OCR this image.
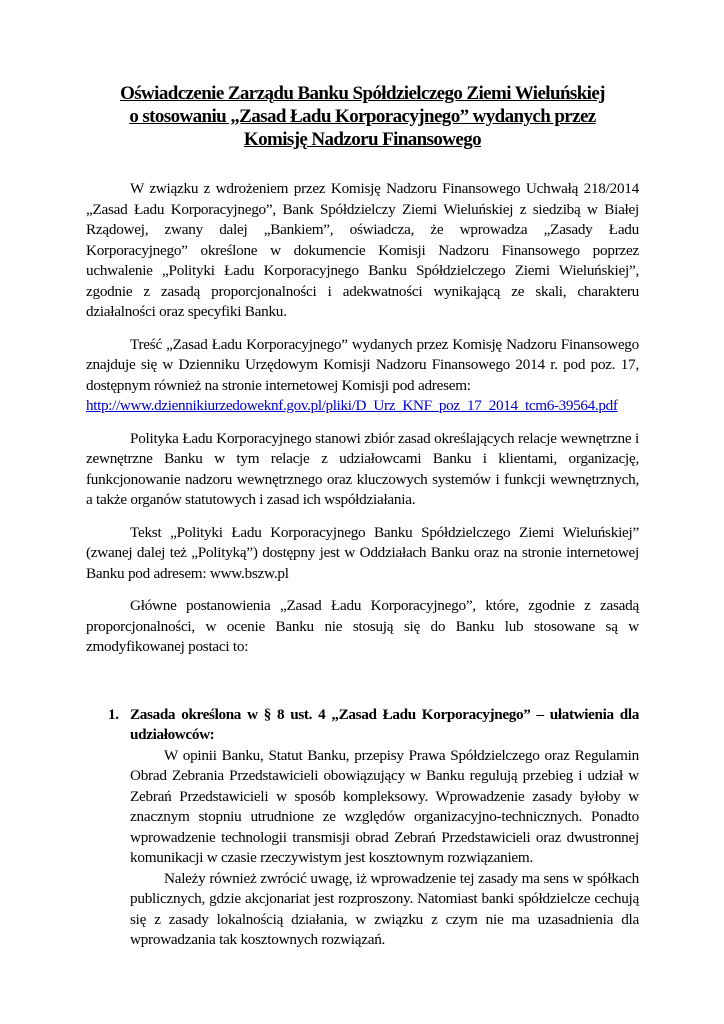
Oświadczenie Zarządu Banku Spółdzielczego Ziemi Wieluńskiej
o stosowaniu „Zasad Ładu Korporacyjnego” wydanych przez
Komisję Nadzoru Finansowego

W związku z wdrożeniem przez Komisję Nadzoru Finansowego Uchwałą 218/2014 „Zasad Ładu Korporacyjnego”, Bank Spółdzielczy Ziemi Wieluńskiej z siedzibą w Białej Rządowej, zwany dalej „Bankiem”, oświadcza, że wprowadza „Zasady Ładu Korporacyjnego” określone w dokumencie Komisji Nadzoru Finansowego poprzez uchwalenie „Polityki Ładu Korporacyjnego Banku Spółdzielczego Ziemi Wieluńskiej”, zgodnie z zasadą proporcjonalności i adekwatności wynikającą ze skali, charakteru działalności oraz specyfiki Banku.

Treść „Zasad Ładu Korporacyjnego” wydanych przez Komisję Nadzoru Finansowego znajduje się w Dzienniku Urzędowym Komisji Nadzoru Finansowego 2014 r. pod poz. 17, dostępnym również na stronie internetowej Komisji pod adresem:
http://www.dziennikiurzedoweknf.gov.pl/pliki/D_Urz_KNF_poz_17_2014_tcm6-39564.pdf

Polityka Ładu Korporacyjnego stanowi zbiór zasad określających relacje wewnętrzne i zewnętrzne Banku w tym relacje z udziałowcami Banku i klientami, organizację, funkcjonowanie nadzoru wewnętrznego oraz kluczowych systemów i funkcji wewnętrznych, a także organów statutowych i zasad ich współdziałania.

Tekst „Polityki Ładu Korporacyjnego Banku Spółdzielczego Ziemi Wieluńskiej” (zwanej dalej też „Polityką”) dostępny jest w Oddziałach Banku oraz na stronie internetowej Banku pod adresem: www.bszw.pl

Główne postanowienia „Zasad Ładu Korporacyjnego”, które, zgodnie z zasadą proporcjonalności, w ocenie Banku nie stosują się do Banku lub stosowane są w zmodyfikowanej postaci to:

1. Zasada określona w § 8 ust. 4 „Zasad Ładu Korporacyjnego” – ułatwienia dla udziałowców:

W opinii Banku, Statut Banku, przepisy Prawa Spółdzielczego oraz Regulamin Obrad Zebrania Przedstawicieli obowiązujący w Banku regulują przebieg i udział w Zebrań Przedstawicieli w sposób kompleksowy. Wprowadzenie zasady byłoby w znacznym stopniu utrudnione ze względów organizacyjno-technicznych. Ponadto wprowadzenie technologii transmisji obrad Zebrań Przedstawicieli oraz dwustronnej komunikacji w czasie rzeczywistym jest kosztownym rozwiązaniem.

Należy również zwrócić uwagę, iż wprowadzenie tej zasady ma sens w spółkach publicznych, gdzie akcjonariat jest rozproszony. Natomiast banki spółdzielcze cechują się z zasady lokalnością działania, w związku z czym nie ma uzasadnienia dla wprowadzania tak kosztownych rozwiązań.
